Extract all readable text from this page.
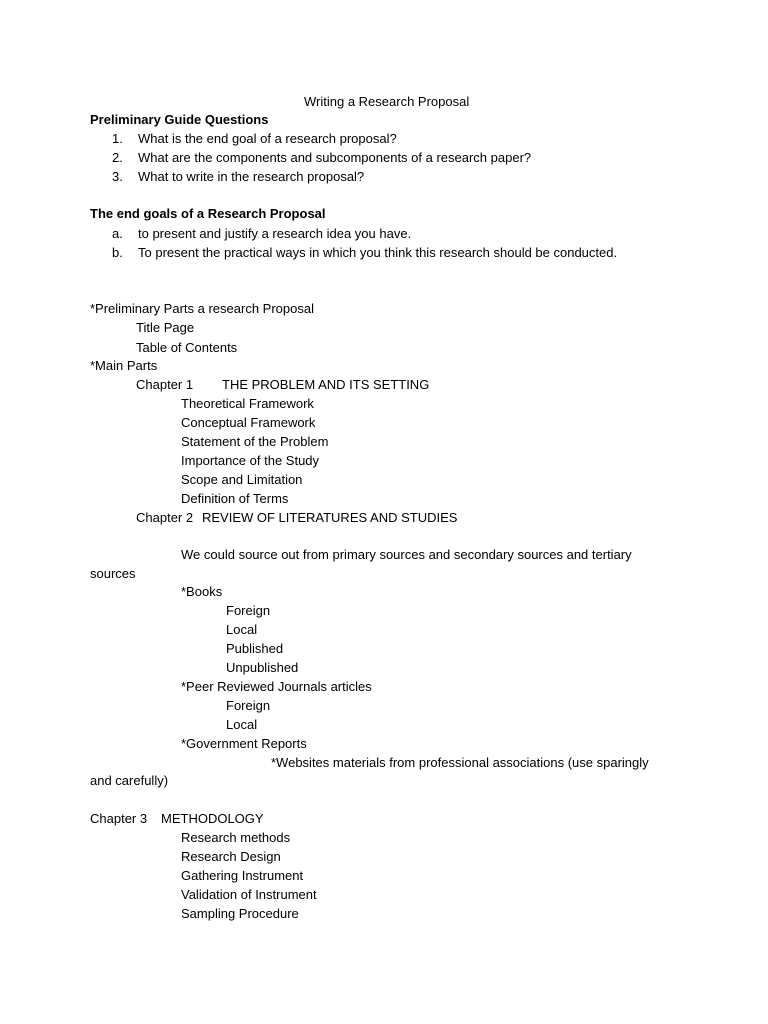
Writing a Research Proposal
Preliminary Guide Questions
1.	What is the end goal of a research proposal?
2.	What are the components and subcomponents of a research paper?
3.	What to write in the research proposal?
The end goals of a Research Proposal
a.	to present and justify a research idea you have.
b.	To present the practical ways in which you think this research should be conducted.
*Preliminary Parts a research Proposal
Title Page
Table of Contents
*Main Parts
Chapter 1 THE PROBLEM AND ITS SETTING
Theoretical Framework
Conceptual Framework
Statement of the Problem
Importance of the Study
Scope and Limitation
Definition of Terms
Chapter 2 REVIEW OF LITERATURES AND STUDIES
We could source out from primary sources and secondary sources and tertiary
sources
*Books
Foreign
Local
Published
Unpublished
*Peer Reviewed Journals articles
Foreign
Local
*Government Reports
*Websites materials from professional associations (use sparingly
and carefully)
Chapter 3 METHODOLOGY
Research methods
Research Design
Gathering Instrument
Validation of Instrument
Sampling Procedure
